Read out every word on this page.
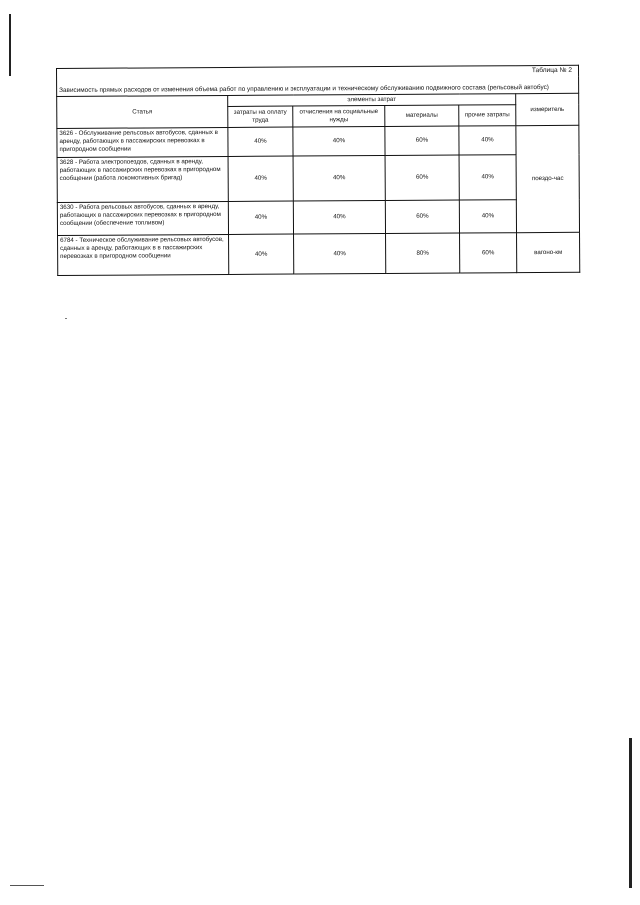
Таблица № 2					
Зависимость прямых расходов от изменения объема работ по управлению и эксплуатации и техническому обслуживанию подвижного состава (рельсовый автобус)					
Статья	элементы затрат				измеритель
	затраты на оплату труда	отчисления на социальные нужды	материалы	прочие затраты	
3626 - Обслуживание рельсовых автобусов, сданных в аренду, работающих в пассажирских перевозках в пригородном сообщении	40%	40%	60%	40%	поездо-час
3628 - Работа электропоездов, сданных в аренду, работающих в пассажирских перевозках в пригородном сообщении (работа локомотивных бригад)	40%	40%	60%	40%	
3630 - Работа рельсовых автобусов, сданных в аренду, работающих в пассажирских перевозках в пригородном сообщении (обеспечение топливом)	40%	40%	60%	40%	
6784 - Техническое обслуживание рельсовых автобусов, сданных в аренду, работающих в в пассажирских перевозках в пригородном сообщении	40%	40%	80%	60%	вагоно-км
